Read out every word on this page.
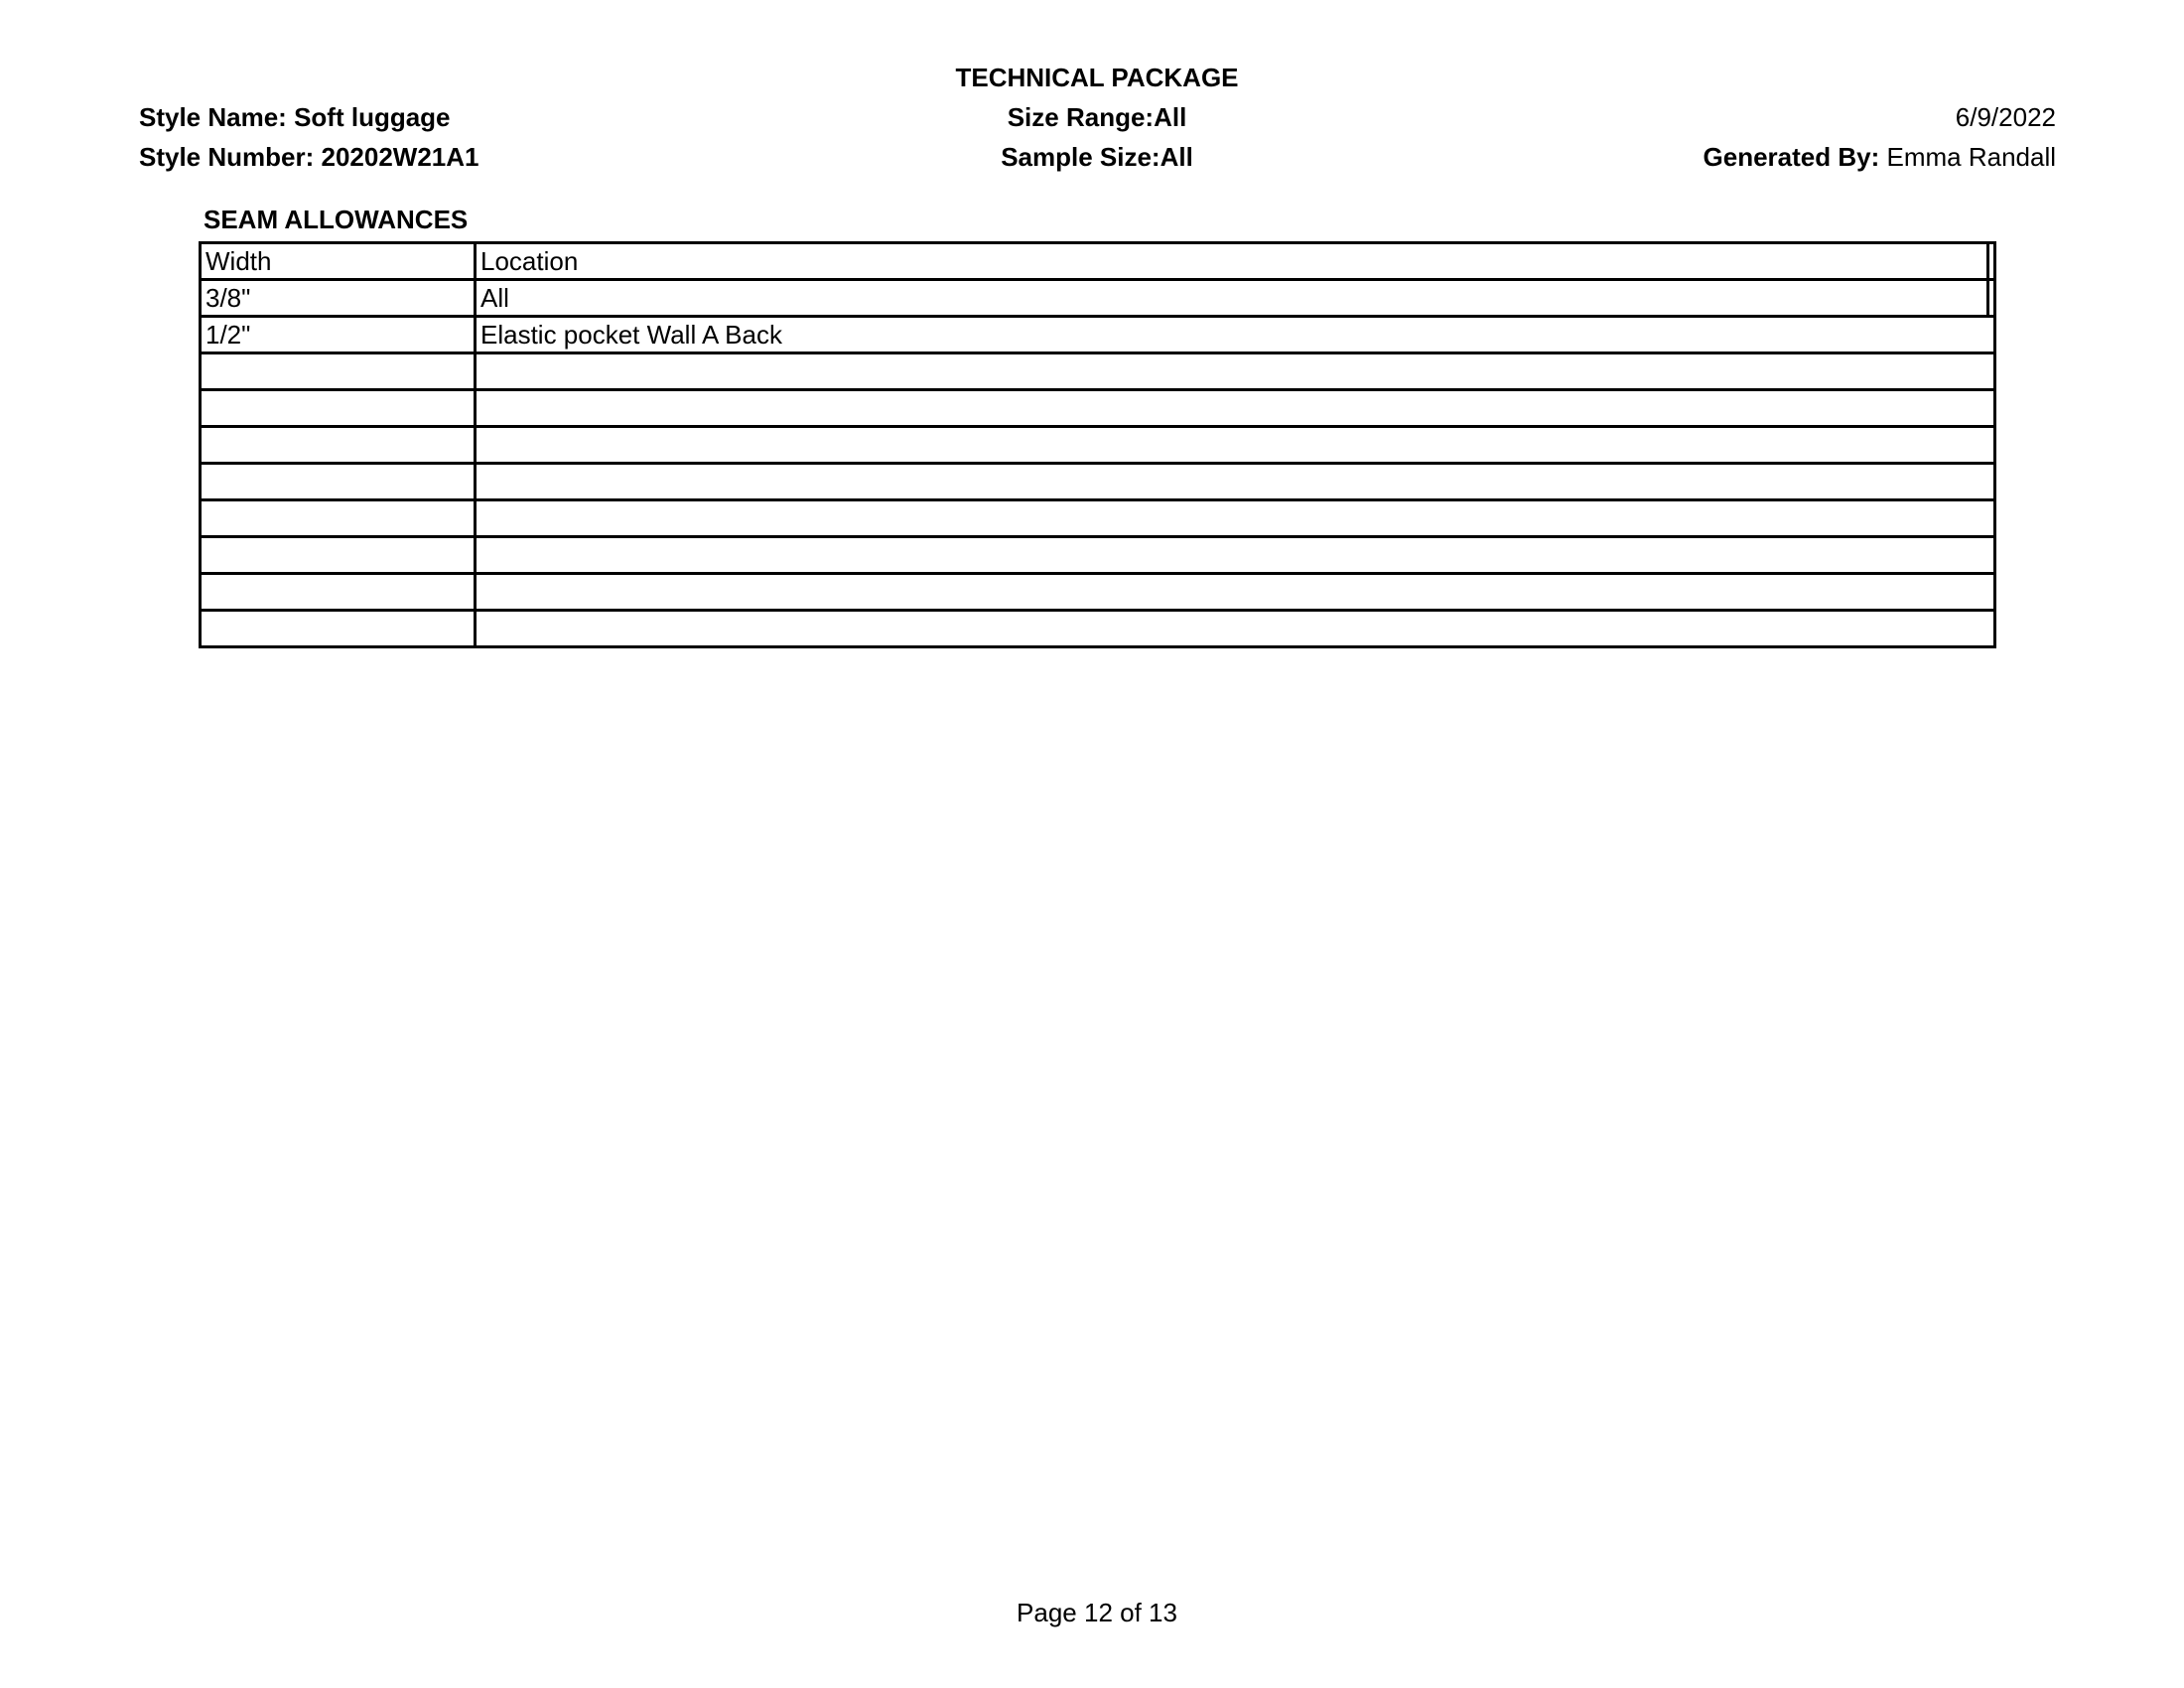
TECHNICAL PACKAGE
Size Range:All
Sample Size:All
Style Name: Soft luggage
Style Number: 20202W21A1
6/9/2022
Generated By: Emma Randall
SEAM ALLOWANCES
Width	Location
3/8"	All
1/2"	Elastic pocket Wall A Back

Page 12 of 13
